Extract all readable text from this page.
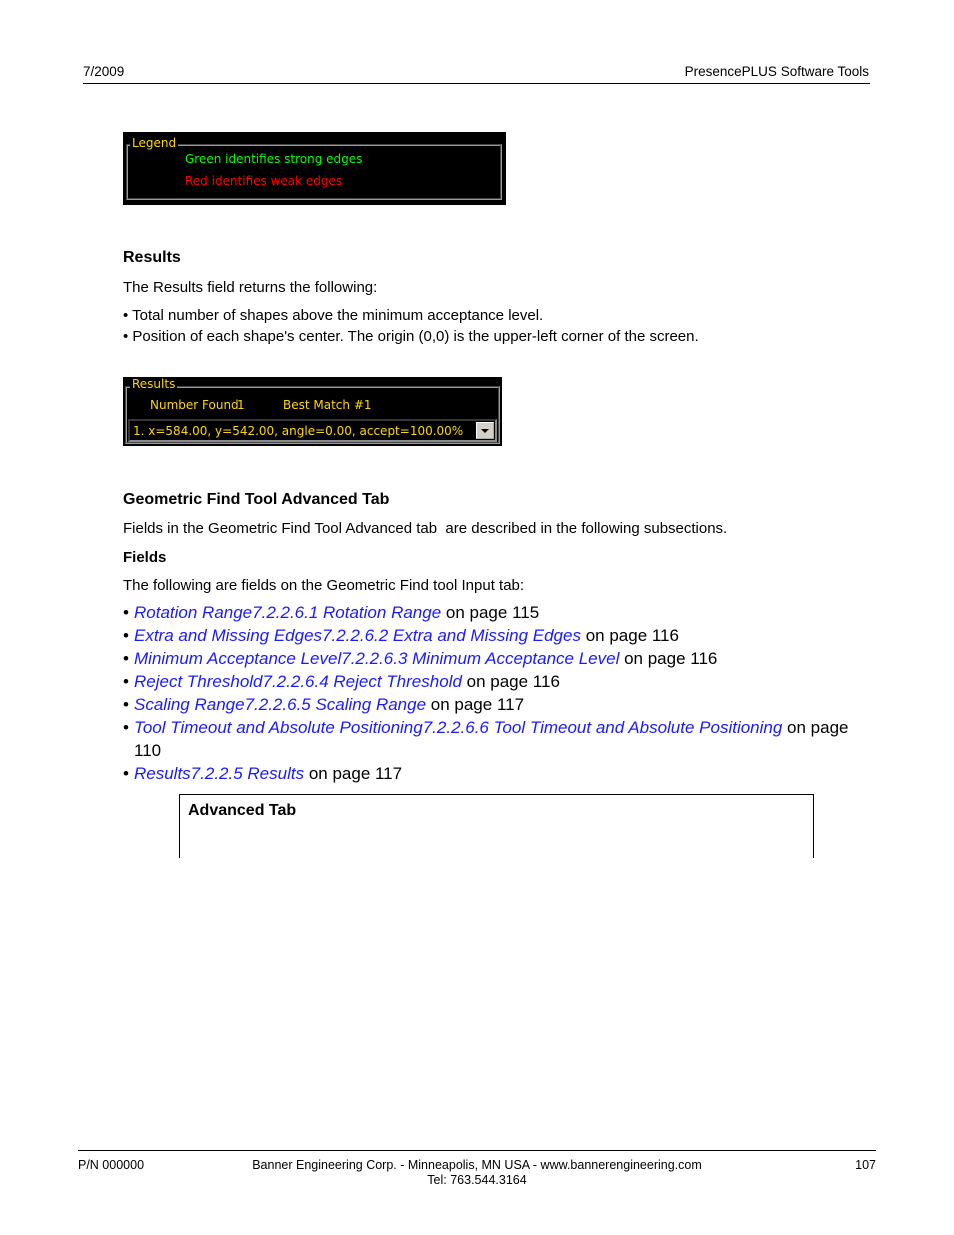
7/2009	PresencePLUS Software Tools
Legend
Green identifies strong edges
Red identifies weak edges
Results
The Results field returns the following:
• Total number of shapes above the minimum acceptance level.
• Position of each shape's center. The origin (0,0) is the upper-left corner of the screen.
Results
Number Found
1	Best Match #1
1. x=584.00, y=542.00, angle=0.00, accept=100.00%
Geometric Find Tool Advanced Tab
Fields in the Geometric Find Tool Advanced tab  are described in the following subsections.
Fields
The following are fields on the Geometric Find tool Input tab:
• Rotation Range7.2.2.6.1 Rotation Range on page 115
• Extra and Missing Edges7.2.2.6.2 Extra and Missing Edges on page 116
• Minimum Acceptance Level7.2.2.6.3 Minimum Acceptance Level on page 116
• Reject Threshold7.2.2.6.4 Reject Threshold on page 116
• Scaling Range7.2.2.6.5 Scaling Range on page 117
• Tool Timeout and Absolute Positioning7.2.2.6.6 Tool Timeout and Absolute Positioning on page 110
• Results7.2.2.5 Results on page 117
Advanced Tab
P/N 000000	Banner Engineering Corp. - Minneapolis, MN USA - www.bannerengineering.com
Tel: 763.544.3164
107
